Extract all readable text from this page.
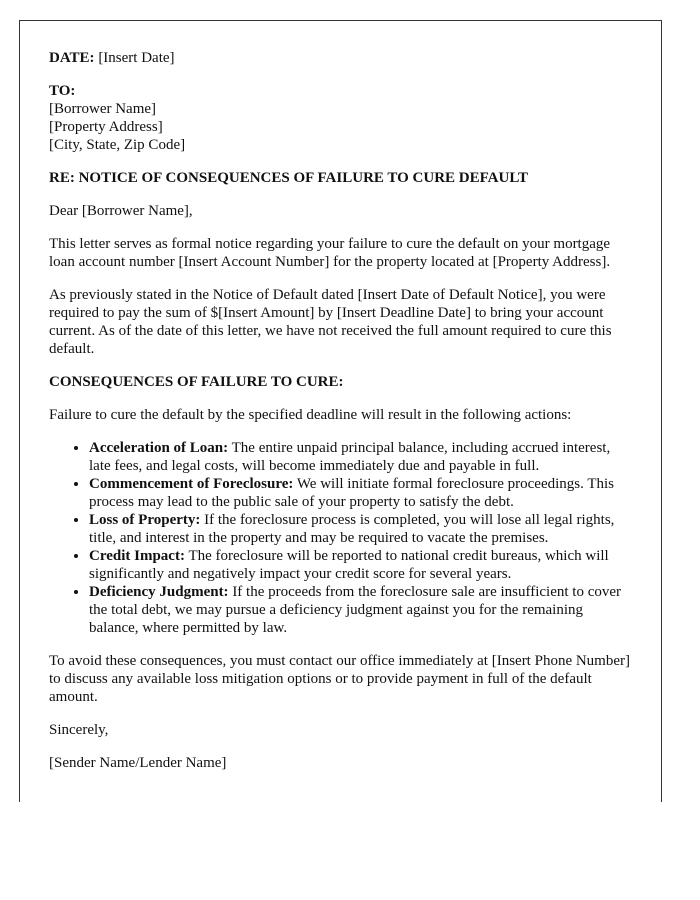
DATE: [Insert Date]

TO:
[Borrower Name]
[Property Address]
[City, State, Zip Code]

RE: NOTICE OF CONSEQUENCES OF FAILURE TO CURE DEFAULT

Dear [Borrower Name],

This letter serves as formal notice regarding your failure to cure the default on your mortgage loan account number [Insert Account Number] for the property located at [Property Address].

As previously stated in the Notice of Default dated [Insert Date of Default Notice], you were required to pay the sum of $[Insert Amount] by [Insert Deadline Date] to bring your account current. As of the date of this letter, we have not received the full amount required to cure this default.

CONSEQUENCES OF FAILURE TO CURE:

Failure to cure the default by the specified deadline will result in the following actions:

• Acceleration of Loan: The entire unpaid principal balance, including accrued interest, late fees, and legal costs, will become immediately due and payable in full.
• Commencement of Foreclosure: We will initiate formal foreclosure proceedings. This process may lead to the public sale of your property to satisfy the debt.
• Loss of Property: If the foreclosure process is completed, you will lose all legal rights, title, and interest in the property and may be required to vacate the premises.
• Credit Impact: The foreclosure will be reported to national credit bureaus, which will significantly and negatively impact your credit score for several years.
• Deficiency Judgment: If the proceeds from the foreclosure sale are insufficient to cover the total debt, we may pursue a deficiency judgment against you for the remaining balance, where permitted by law.

To avoid these consequences, you must contact our office immediately at [Insert Phone Number] to discuss any available loss mitigation options or to provide payment in full of the default amount.

Sincerely,

[Sender Name/Lender Name]
